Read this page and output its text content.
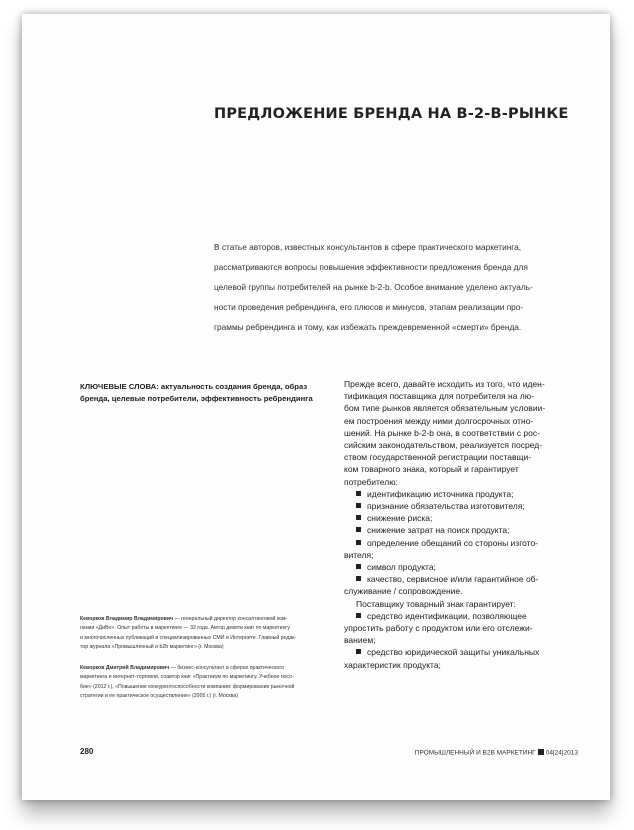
ПРЕДЛОЖЕНИЕ БРЕНДА НА B-2-B-РЫНКЕ
В статье авторов, известных консультантов в сфере практического маркетинга,
рассматриваются вопросы повышения эффективности предложения бренда для
целевой группы потребителей на рынке b-2-b. Особое внимание уделено актуаль-
ности проведения ребрендинга, его плюсов и минусов, этапам реализации про-
граммы ребрендинга и тому, как избежать преждевременной «смерти» бренда.
КЛЮЧЕВЫЕ СЛОВА: актуальность создания бренда, образ
бренда, целевые потребители, эффективность ребрендинга
Кеворков Владимир Владимирович — генеральный директор консалтинговой ком-
пании «ДиВо». Опыт работы в маркетинге — 32 года. Автор девяти книг по маркетингу
и многочисленных публикаций в специализированных СМИ и Интернете. Главный редак-
тор журнала «Промышленный и b2b маркетинг» (г. Москва)
Кеворков Дмитрий Владимирович — бизнес-консультант в сферах практического
маркетинга и интернет-торговли, соавтор книг «Практикум по маркетингу. Учебное посо-
бие» (2012 г.), «Повышение конкурентоспособности компании: формирование рыночной
стратегии и ее практическое осуществление» (2005 г.) (г. Москва)
Прежде всего, давайте исходить из того, что иден-
тификация поставщика для потребителя на лю-
бом типе рынков является обязательным условии-
ем построения между ними долгосрочных отно-
шений. На рынке b-2-b она, в соответствии с рос-
сийским законодательством, реализуется посред-
ством государственной регистрации поставщи-
ком товарного знака, который и гарантирует
потребителю:
идентификацию источника продукта;
признание обязательства изготовителя;
снижение риска;
снижение затрат на поиск продукта;
определение обещаний со стороны изгото-
вителя;
символ продукта;
качество, сервисное и/или гарантийное об-
служивание / сопровождение.
Поставщику товарный знак гарантирует:
средство идентификации, позволяющее
упростить работу с продуктом или его отслежи-
ванием;
средство юридической защиты уникальных
характеристик продукта;
280	ПРОМЫШЛЕННЫЙ И B2B МАРКЕТИНГ 04|24|2013
